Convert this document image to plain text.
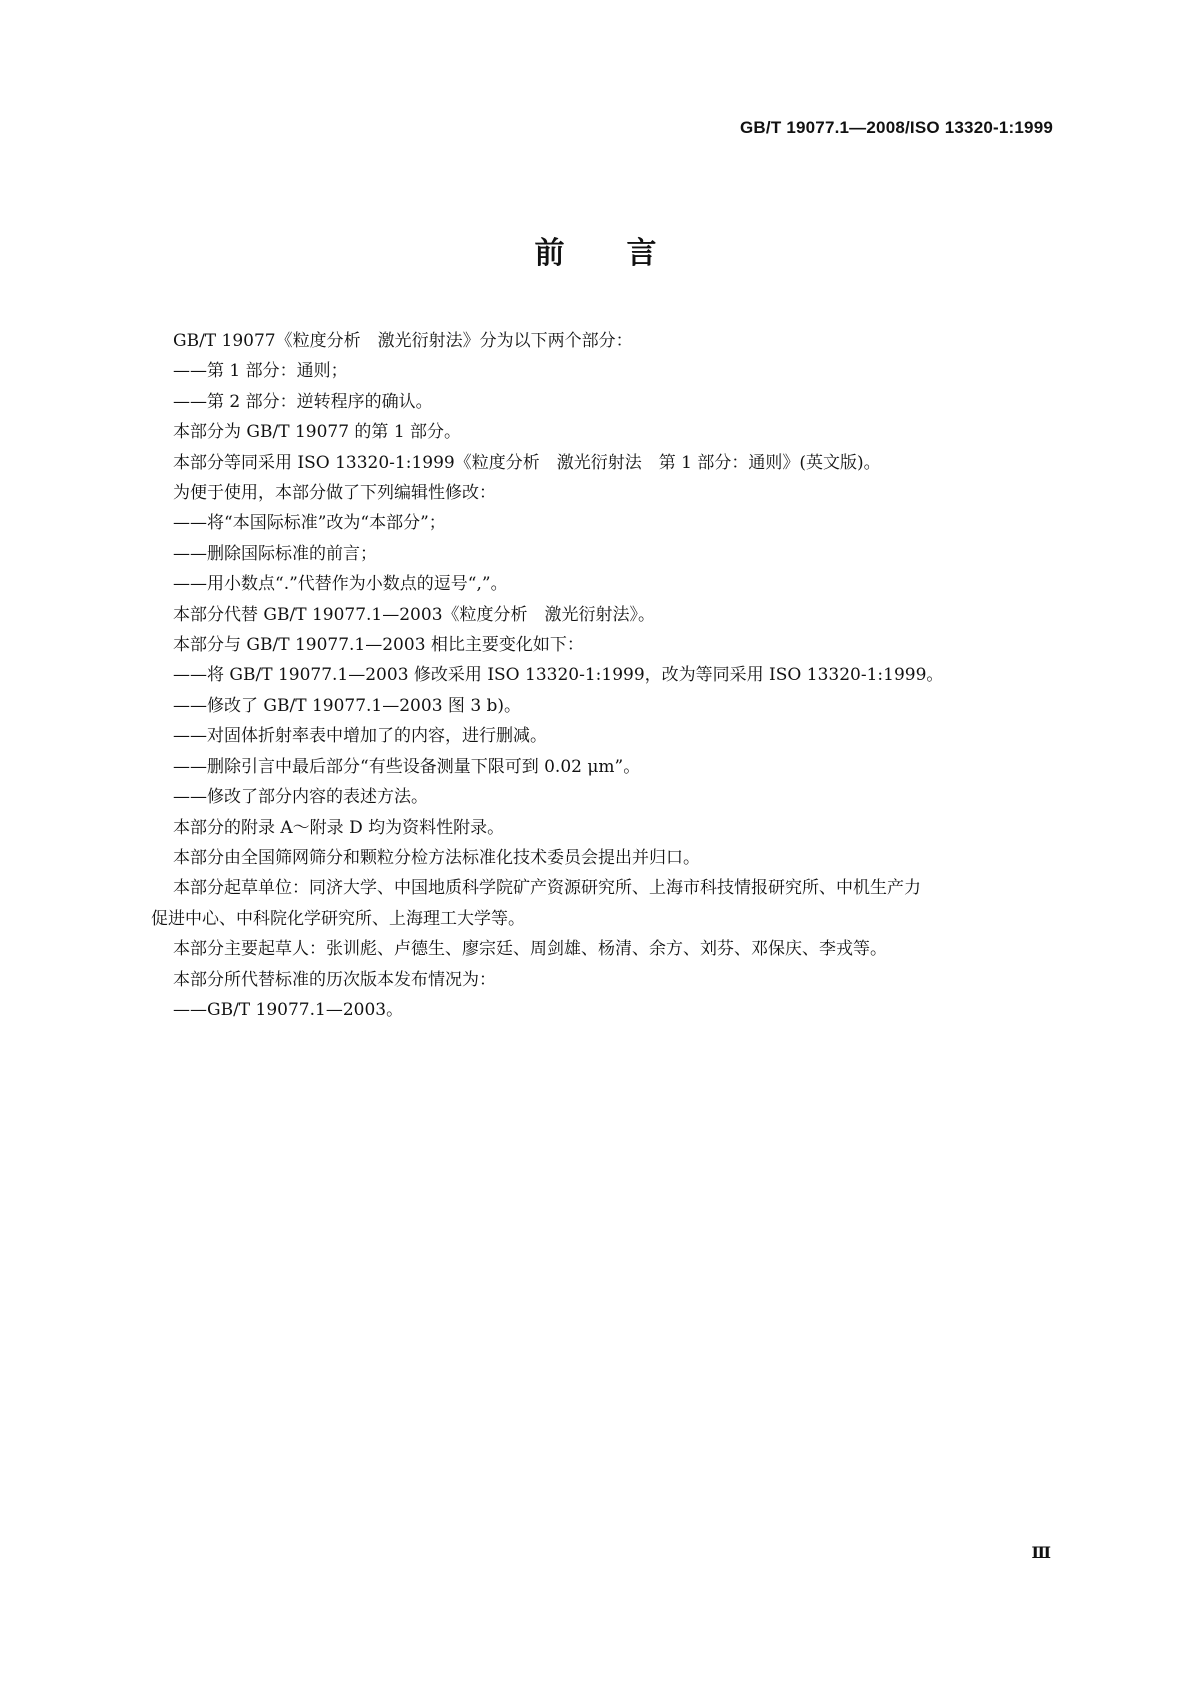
GB/T 19077.1—2008/ISO 13320-1:1999
前言

GB/T 19077《粒度分析　激光衍射法》分为以下两个部分：

——第 1 部分：通则；

——第 2 部分：逆转程序的确认。

本部分为 GB/T 19077 的第 1 部分。

本部分等同采用 ISO 13320-1:1999《粒度分析　激光衍射法　第 1 部分：通则》(英文版)。

为便于使用，本部分做了下列编辑性修改：

——将“本国际标准”改为“本部分”；

——删除国际标准的前言；

——用小数点“.”代替作为小数点的逗号“,”。

本部分代替 GB/T 19077.1—2003《粒度分析　激光衍射法》。

本部分与 GB/T 19077.1—2003 相比主要变化如下：

——将 GB/T 19077.1—2003 修改采用 ISO 13320-1:1999，改为等同采用 ISO 13320-1:1999。

——修改了 GB/T 19077.1—2003 图 3 b)。

——对固体折射率表中增加了的内容，进行删减。

——删除引言中最后部分“有些设备测量下限可到 0.02 μm”。

——修改了部分内容的表述方法。

本部分的附录 A～附录 D 均为资料性附录。

本部分由全国筛网筛分和颗粒分检方法标准化技术委员会提出并归口。

本部分起草单位：同济大学、中国地质科学院矿产资源研究所、上海市科技情报研究所、中机生产力

促进中心、中科院化学研究所、上海理工大学等。

本部分主要起草人：张训彪、卢德生、廖宗廷、周剑雄、杨清、余方、刘芬、邓保庆、李戎等。

本部分所代替标准的历次版本发布情况为：

——GB/T 19077.1—2003。

Ⅲ
